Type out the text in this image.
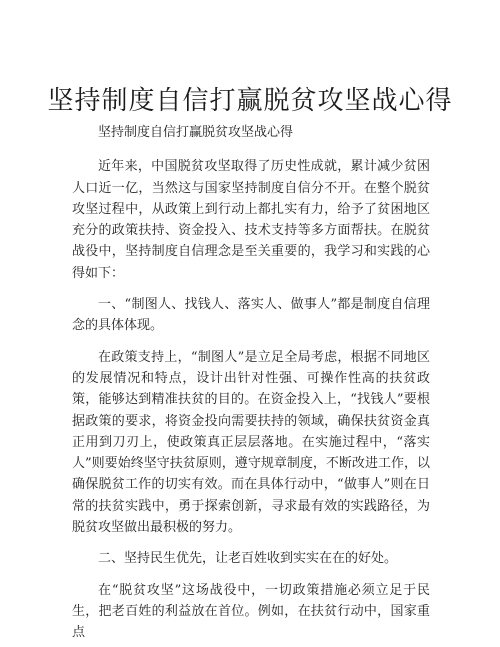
坚持制度自信打赢脱贫攻坚战心得

坚持制度自信打赢脱贫攻坚战心得

近年来，中国脱贫攻坚取得了历史性成就，累计减少贫困人口近一亿，当然这与国家坚持制度自信分不开。在整个脱贫攻坚过程中，从政策上到行动上都扎实有力，给予了贫困地区充分的政策扶持、资金投入、技术支持等多方面帮扶。在脱贫战役中，坚持制度自信理念是至关重要的，我学习和实践的心得如下：

一、“制图人、找钱人、落实人、做事人”都是制度自信理念的具体体现。

在政策支持上，“制图人”是立足全局考虑，根据不同地区的发展情况和特点，设计出针对性强、可操作性高的扶贫政策，能够达到精准扶贫的目的。在资金投入上，“找钱人”要根据政策的要求，将资金投向需要扶持的领域，确保扶贫资金真正用到刀刃上，使政策真正层层落地。在实施过程中，“落实人”则要始终坚守扶贫原则，遵守规章制度，不断改进工作，以确保脱贫工作的切实有效。而在具体行动中，“做事人”则在日常的扶贫实践中，勇于探索创新，寻求最有效的实践路径，为脱贫攻坚做出最积极的努力。

二、坚持民生优先，让老百姓收到实实在在的好处。

在“脱贫攻坚”这场战役中，一切政策措施必须立足于民生，把老百姓的利益放在首位。例如，在扶贫行动中，国家重点
